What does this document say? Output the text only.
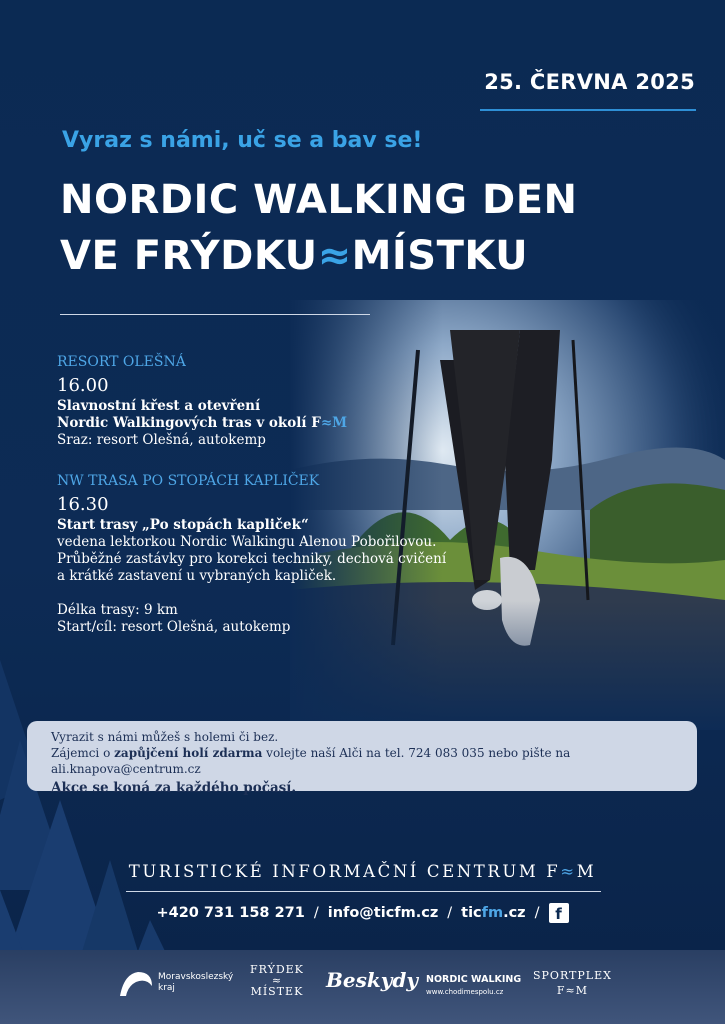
25. ČERVNA 2025
Vyraz s námi, uč se a bav se!
NORDIC WALKING DEN
VE FRÝDKU≈MÍSTKU
RESORT OLEŠNÁ
16.00
Slavnostní křest a otevření
Nordic Walkingových tras v okolí F≈M
Sraz: resort Olešná, autokemp
NW TRASA PO STOPÁCH KAPLIČEK
16.30
Start trasy „Po stopách kapliček“
vedena lektorkou Nordic Walkingu Alenou Pobořilovou.
Průběžné zastávky pro korekci techniky, dechová cvičení
a krátké zastavení u vybraných kapliček.
Délka trasy: 9 km
Start/cíl: resort Olešná, autokemp
Vyrazit s námi můžeš s holemi či bez.
Zájemci o zapůjčení holí zdarma volejte naší Alči na tel. 724 083 035 nebo pište na ali.knapova@centrum.cz
Akce se koná za každého počasí.
TURISTICKÉ INFORMAČNÍ CENTRUM F≈M
+420 731 158 271 / info@ticfm.cz / ticfm.cz / f
Moravskoslezský
kraj
FRÝDEK
≈
MÍSTEK Beskydy NORDIC WALKING
www.chodimespolu.cz
SPORTPLEX
F≈M
